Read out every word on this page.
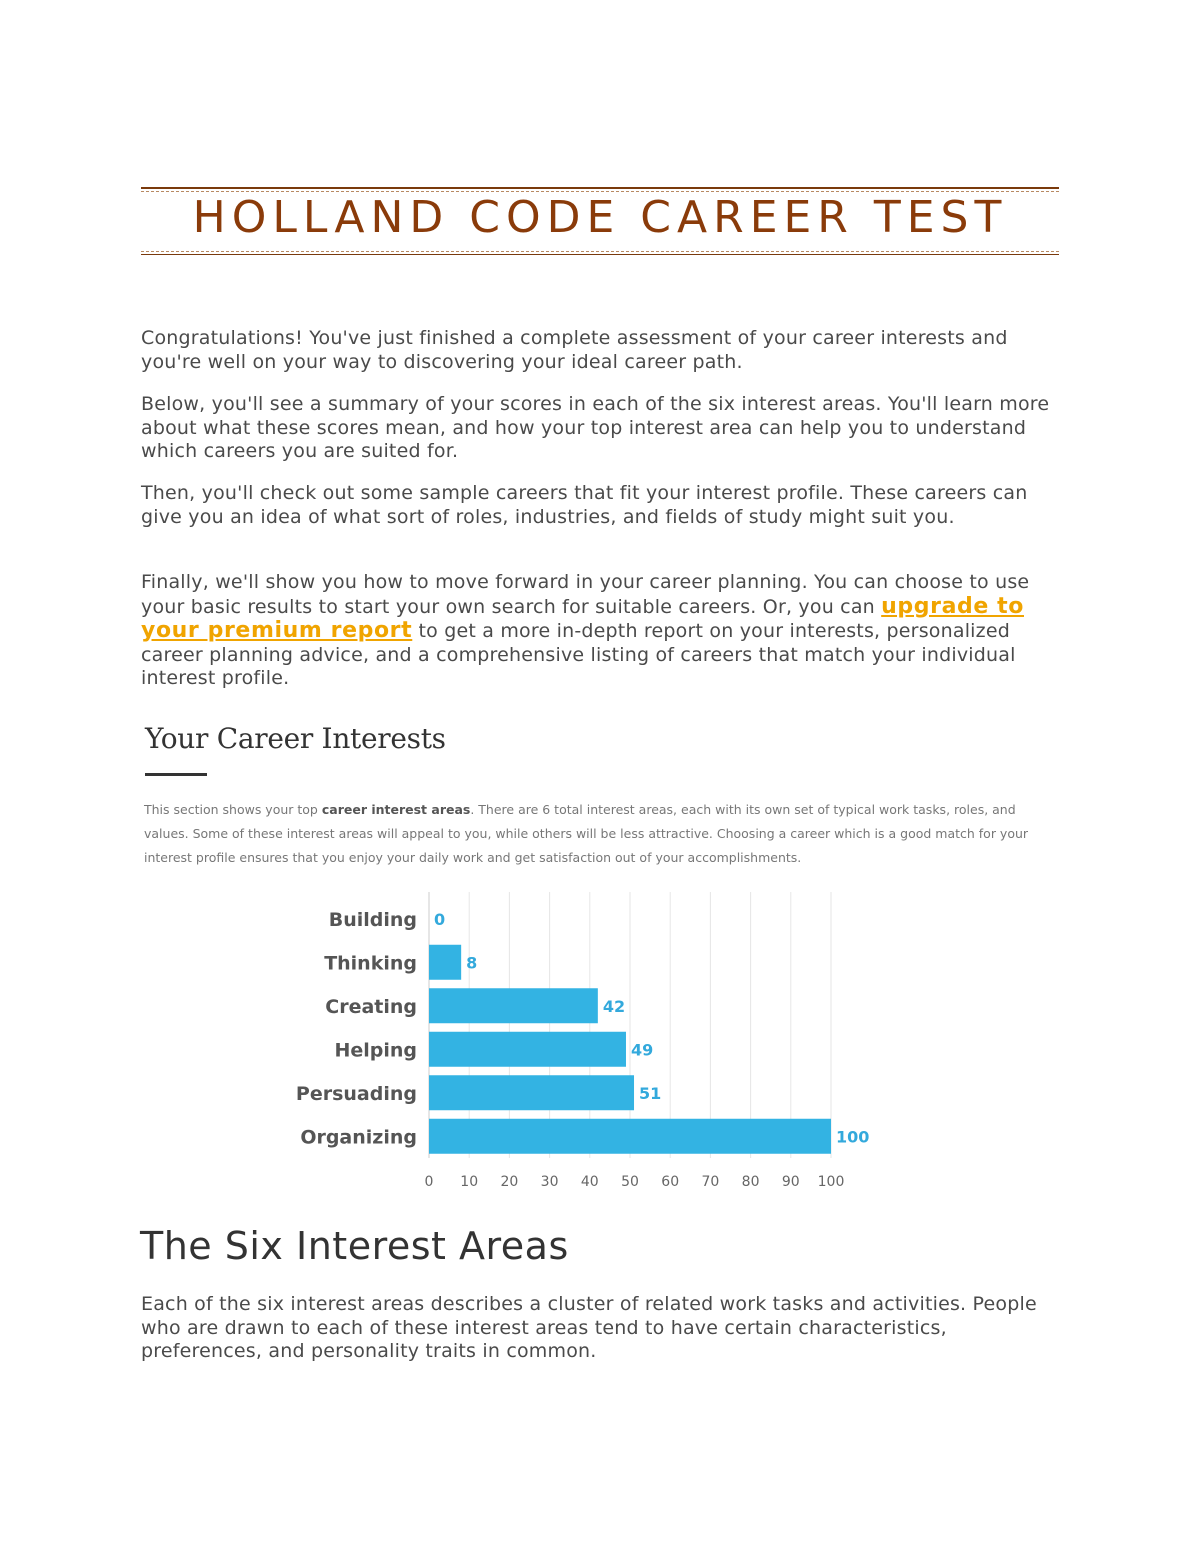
HOLLAND CODE CAREER TEST

Congratulations! You've just finished a complete assessment of your career interests and you're well on your way to discovering your ideal career path.

Below, you'll see a summary of your scores in each of the six interest areas. You'll learn more about what these scores mean, and how your top interest area can help you to understand which careers you are suited for.

Then, you'll check out some sample careers that fit your interest profile. These careers can give you an idea of what sort of roles, industries, and fields of study might suit you.

Finally, we'll show you how to move forward in your career planning. You can choose to use your basic results to start your own search for suitable careers. Or, you can upgrade to your premium report to get a more in-depth report on your interests, personalized career planning advice, and a comprehensive listing of careers that match your individual interest profile.

Your Career Interests

This section shows your top career interest areas. There are 6 total interest areas, each with its own set of typical work tasks, roles, and values. Some of these interest areas will appeal to you, while others will be less attractive. Choosing a career which is a good match for your interest profile ensures that you enjoy your daily work and get satisfaction out of your accomplishments.

0 10 20 30 40 50 60 70 80 90 100
Building 0
Thinking	8
Creating	42
Helping	49
Persuading	51
Organizing	100
The Six Interest Areas

Each of the six interest areas describes a cluster of related work tasks and activities. People who are drawn to each of these interest areas tend to have certain characteristics, preferences, and personality traits in common.
